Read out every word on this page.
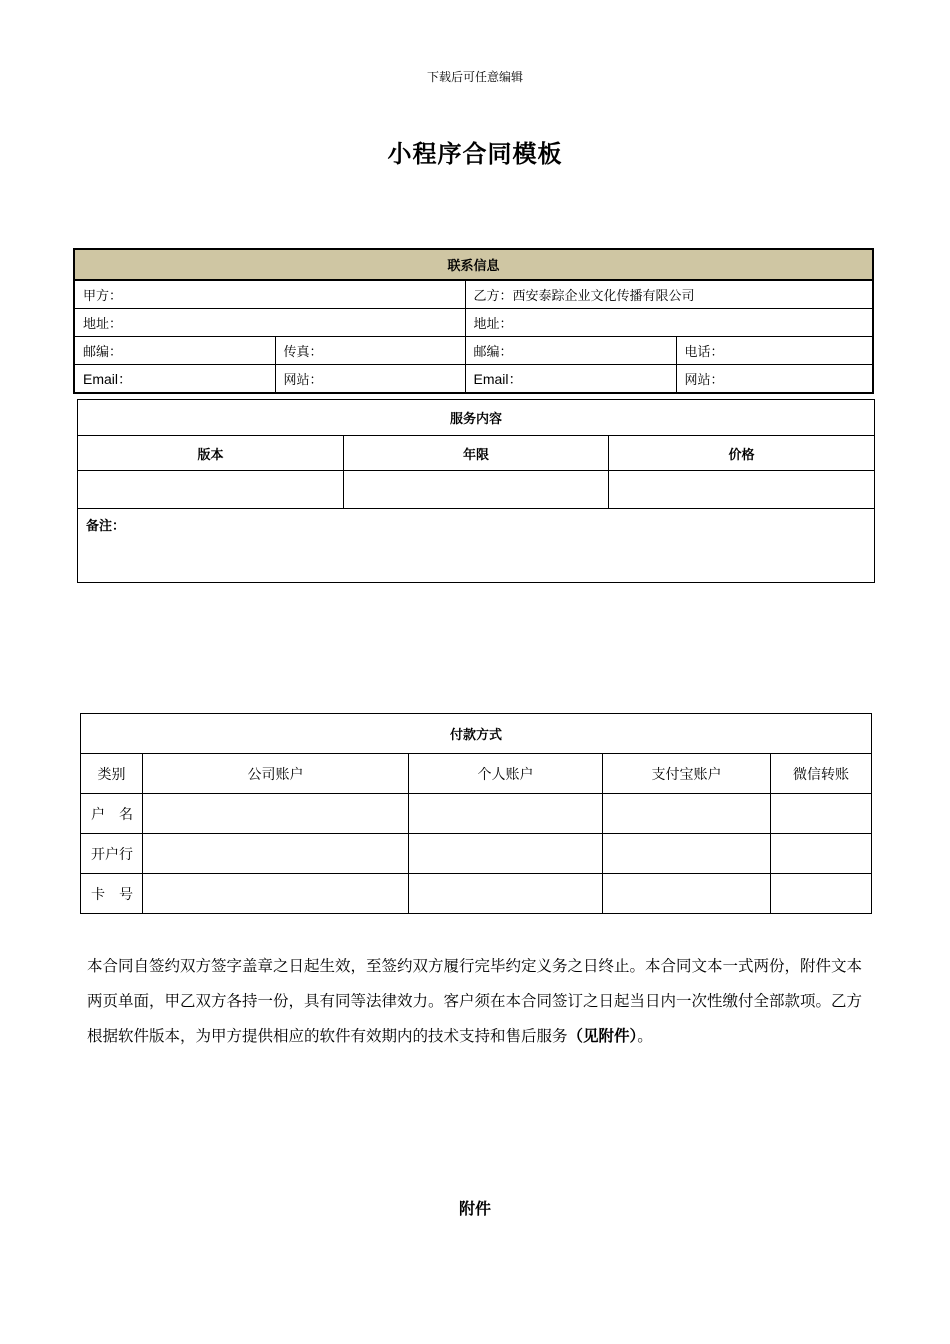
下载后可任意编辑
小程序合同模板
联系信息			
甲方：		乙方：西安泰踪企业文化传播有限公司	
地址：		地址：	
邮编：	传真：	邮编：	电话：
Email：	网站：	Email：	网站：
服务内容		
版本	年限	价格

备注：		
付款方式				
类别	公司账户	个人账户	支付宝账户	微信转账
户　名				
开户行				
卡　号				
本合同自签约双方签字盖章之日起生效，至签约双方履行完毕约定义务之日终止。本合同文本一式两份，附件文本两页单面，甲乙双方各持一份，具有同等法律效力。客户须在本合同签订之日起当日内一次性缴付全部款项。乙方根据软件版本，为甲方提供相应的软件有效期内的技术支持和售后服务（见附件）。
附件
